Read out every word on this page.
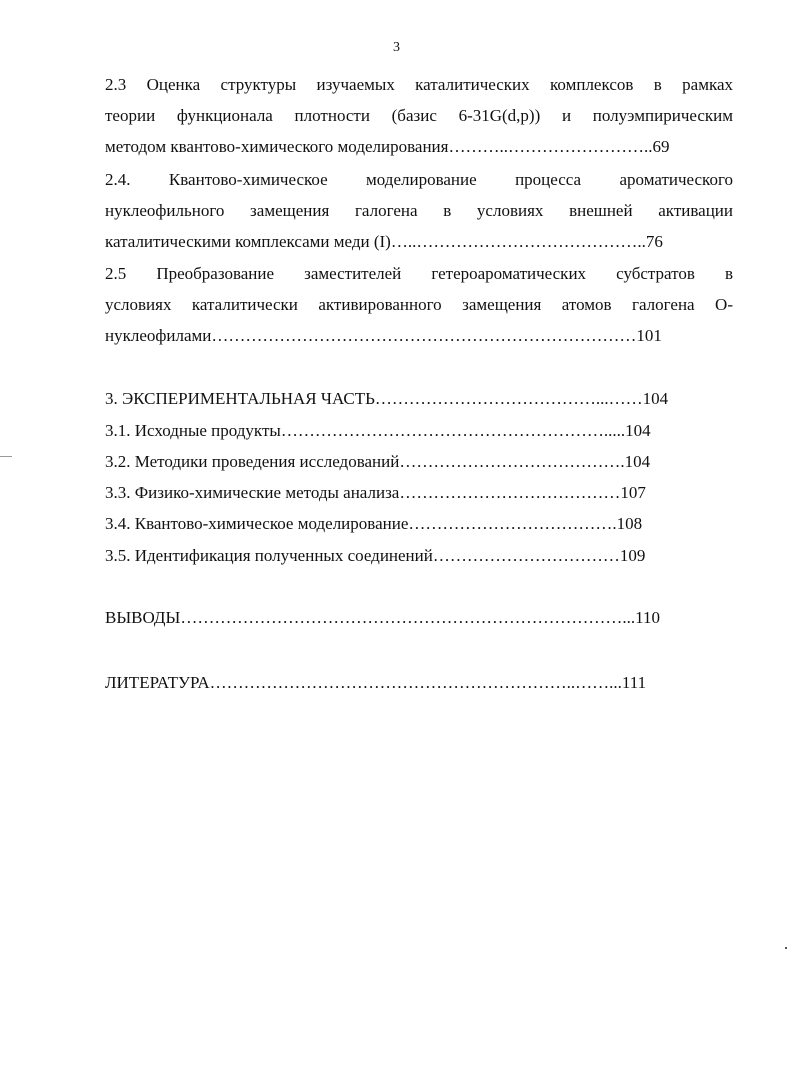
3
2.3 Оценка структуры изучаемых каталитических комплексов в рамках
теории функционала плотности (базис 6-31G(d,p)) и полуэмпирическим
методом квантово-химического моделирования………..……………………..69
2.4. Квантово-химическое моделирование процесса ароматического
нуклеофильного замещения галогена в условиях внешней активации
каталитическими комплексами меди (I)…..…………………………………..76
2.5 Преобразование заместителей гетероароматических субстратов в
условиях каталитически активированного замещения атомов галогена O-
нуклеофилами…………………………………………………………………101
3. ЭКСПЕРИМЕНТАЛЬНАЯ ЧАСТЬ…………………………………...……104
3.1. Исходные продукты………………………………………………….....104
3.2. Методики проведения исследований………………………………….104
3.3. Физико-химические методы анализа…………………………………107
3.4. Квантово-химическое моделирование……………………………….108
3.5. Идентификация полученных соединений……………………………109
ВЫВОДЫ……………………………………………………………………...110
ЛИТЕРАТУРА………………………………………………………..……...111
